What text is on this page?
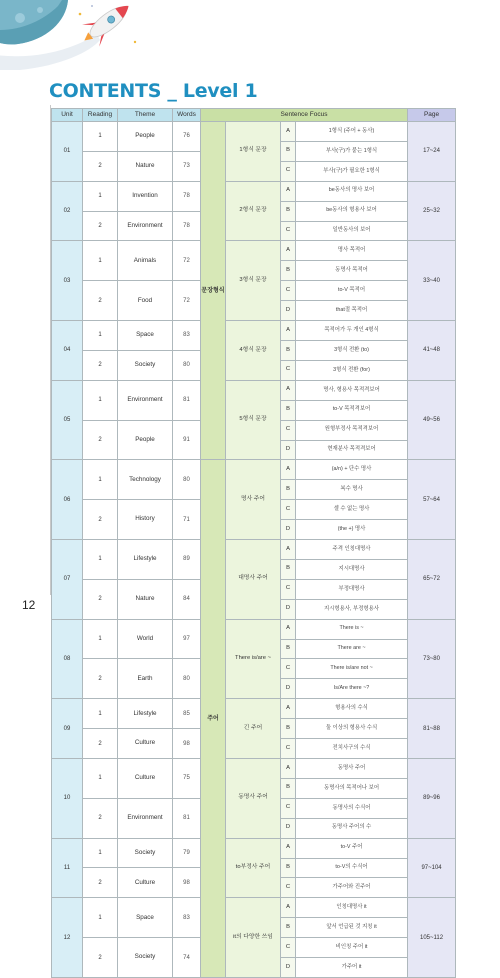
CONTENTS _ Level 1
Unit	Reading	Theme	Words	Sentence Focus				Page
01	1	People	76	문장형식	1형식 문장	A	1형식 (주어 + 동사)	17~24

						B	부사(구)가 붙는 1형식	
	2	Nature	73					
						C	부사(구)가 필요한 1형식	

02	1	Invention	78		2형식 문장	A	be동사의 명사 보어	25~32

						B	be동사의 형용사 보어	
	2	Environment	78					
						C	일반동사의 보어	

03	1	Animals	72		3형식 문장	A	명사 목적어	33~40

						B	동명사 목적어	

	2	Food	72			C	to-V 목적어	

						D	that절 목적어	

04	1	Space	83		4형식 문장	A	목적어가 두 개인 4형식	41~48

						B	3형식 전환 (to)	
	2	Society	80					
						C	3형식 전환 (for)	

05	1	Environment	81		5형식 문장	A	명사, 형용사 목적격보어	49~56

						B	to-V 목적격보어	

	2	People	91			C	원형부정사 목적격보어	

						D	현재분사 목적격보어	

06	1	Technology	80	주어	명사 주어	A	(a/n) + 단수 명사	57~64

						B	복수 명사	

	2	History	71			C	셀 수 없는 명사	

						D	(the +) 명사	

07	1	Lifestyle	89		대명사 주어	A	주격 인칭대명사	65~72

						B	지시대명사	

	2	Nature	84			C	부정대명사	

						D	지시형용사, 부정형용사	

08	1	World	97		There is/are ~	A	There is ~	73~80

						B	There are ~	

	2	Earth	80			C	There is/are not ~	

						D	Is/Are there ~?	

09	1	Lifestyle	85		긴 주어	A	형용사의 수식	81~88

						B	둘 이상의 형용사 수식	
	2	Culture	98					
						C	전치사구의 수식	

10	1	Culture	75		동명사 주어	A	동명사 주어	89~96

						B	동명사의 목적어나 보어	

	2	Environment	81			C	동명사의 수식어	

						D	동명사 주어의 수	

11	1	Society	79		to부정사 주어	A	to-V 주어	97~104

						B	to-V의 수식어	
	2	Culture	98					
						C	가주어와 진주어	

12	1	Space	83		it의 다양한 쓰임	A	인칭대명사 it	105~112

						B	앞서 언급된 것 지칭 it	

	2	Society	74			C	비인칭 주어 it	

						D	가주어 it	

12
